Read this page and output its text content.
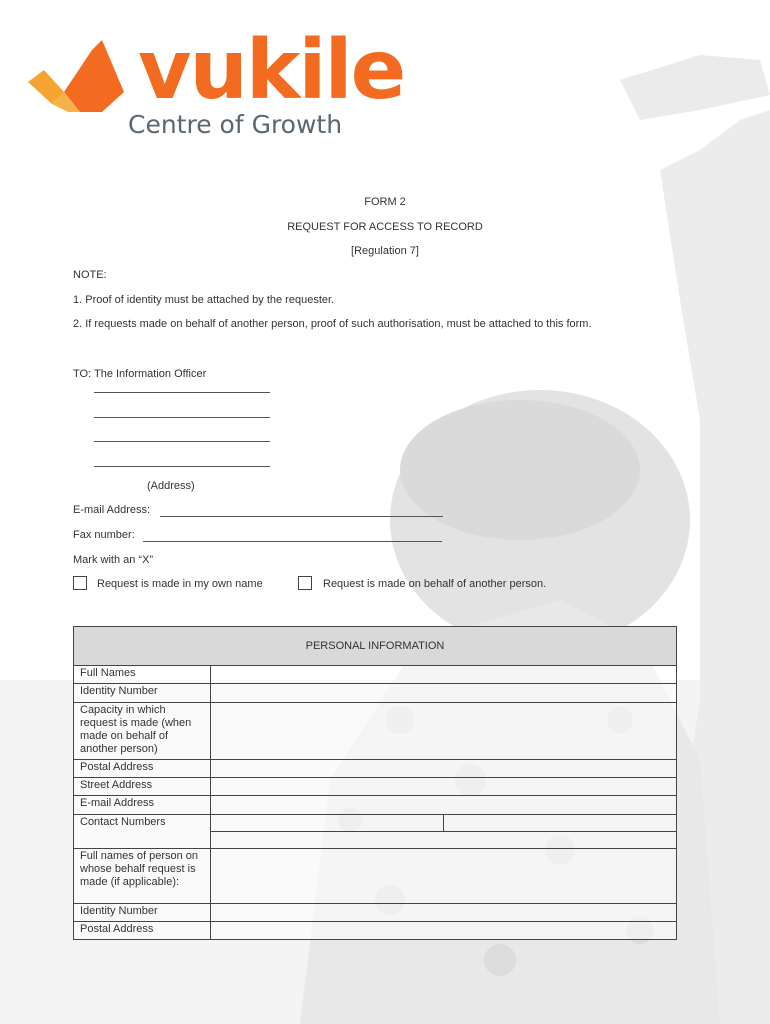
vukile
Centre of Growth
FORM 2
REQUEST FOR ACCESS TO RECORD
[Regulation 7]
NOTE:
1. Proof of identity must be attached by the requester.
2. If requests made on behalf of another person, proof of such authorisation, must be attached to this form.
TO: The Information Officer
(Address)
E-mail Address:
Fax number:
Mark with an “X”
Request is made in my own name	Request is made on behalf of another person.
PERSONAL INFORMATION		
Full Names		
Identity Number		
Capacity in which request is made (when made on behalf of another person)		
Postal Address		
Street Address		
E-mail Address		
Contact Numbers		

Full names of person on whose behalf request is made (if applicable):		
Identity Number		
Postal Address		
